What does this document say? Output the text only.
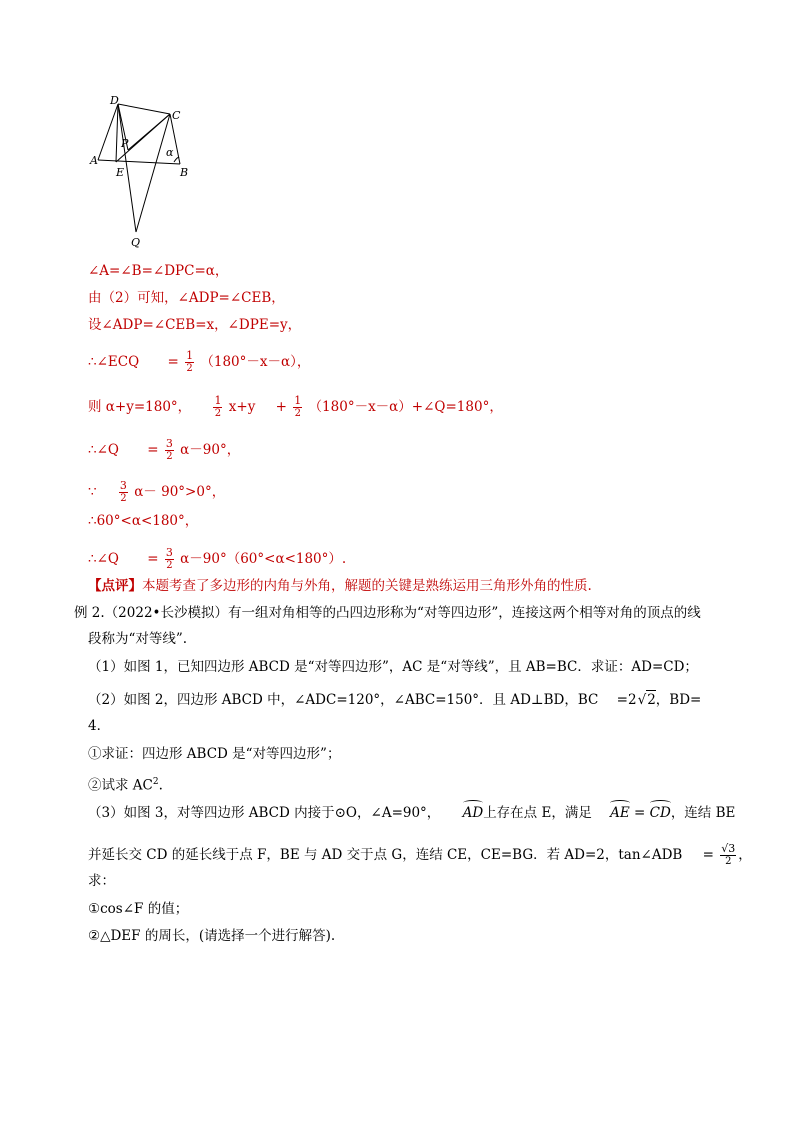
D
C
P
α
A
E	B
Q
∠A=∠B=∠DPC=α，
由（2）可知，∠ADP=∠CEB，
设∠ADP=∠CEB=x，∠DPE=y，
∴∠ECQ = $\frac{1}{2} (180^\circ-x-\alpha)$，
则 α+y=180°， $\frac{1}{2} x+y + \frac{1}{2}$ （180°－x－α）+∠Q=180°，
∴∠Q = $\frac{3}{2} \alpha-90^\circ$，
∵ $\frac{3}{2} \alpha- 90^\circ>0^\circ$，
∴60°<α<180°，
∴∠Q = $\frac{3}{2} \alpha-90^\circ(60^\circ<\alpha<180^\circ)$.
【点评】本题考查了多边形的内角与外角，解题的关键是熟练运用三角形外角的性质.
例 2.（2022•长沙模拟）有一组对角相等的凸四边形称为“对等四边形”，连接这两个相等对角的顶点的线
段称为“对等线”.
（1）如图 1，已知四边形 ABCD 是“对等四边形”，AC 是“对等线”，且 AB=BC．求证：AD=CD；
（2）如图 2，四边形 ABCD 中，∠ADC=120°，∠ABC=150°．且 AD⊥BD，BC =2√2，BD=
4．
①求证：四边形 ABCD 是“对等四边形”；
②试求 $AC^2$.
（3）如图 3，对等四边形 ABCD 内接于⊙O，∠A=90°， AD上存在点 E，满足 AE = CD，连结 BE
并延长交 CD 的延长线于点 F，BE 与 AD 交于点 G，连结 CE，CE=BG．若 AD=2，tan∠ADB = $\frac{√3}{2}$ ，
求：
①cos∠F 的值；
②△DEF 的周长，(请选择一个进行解答).
